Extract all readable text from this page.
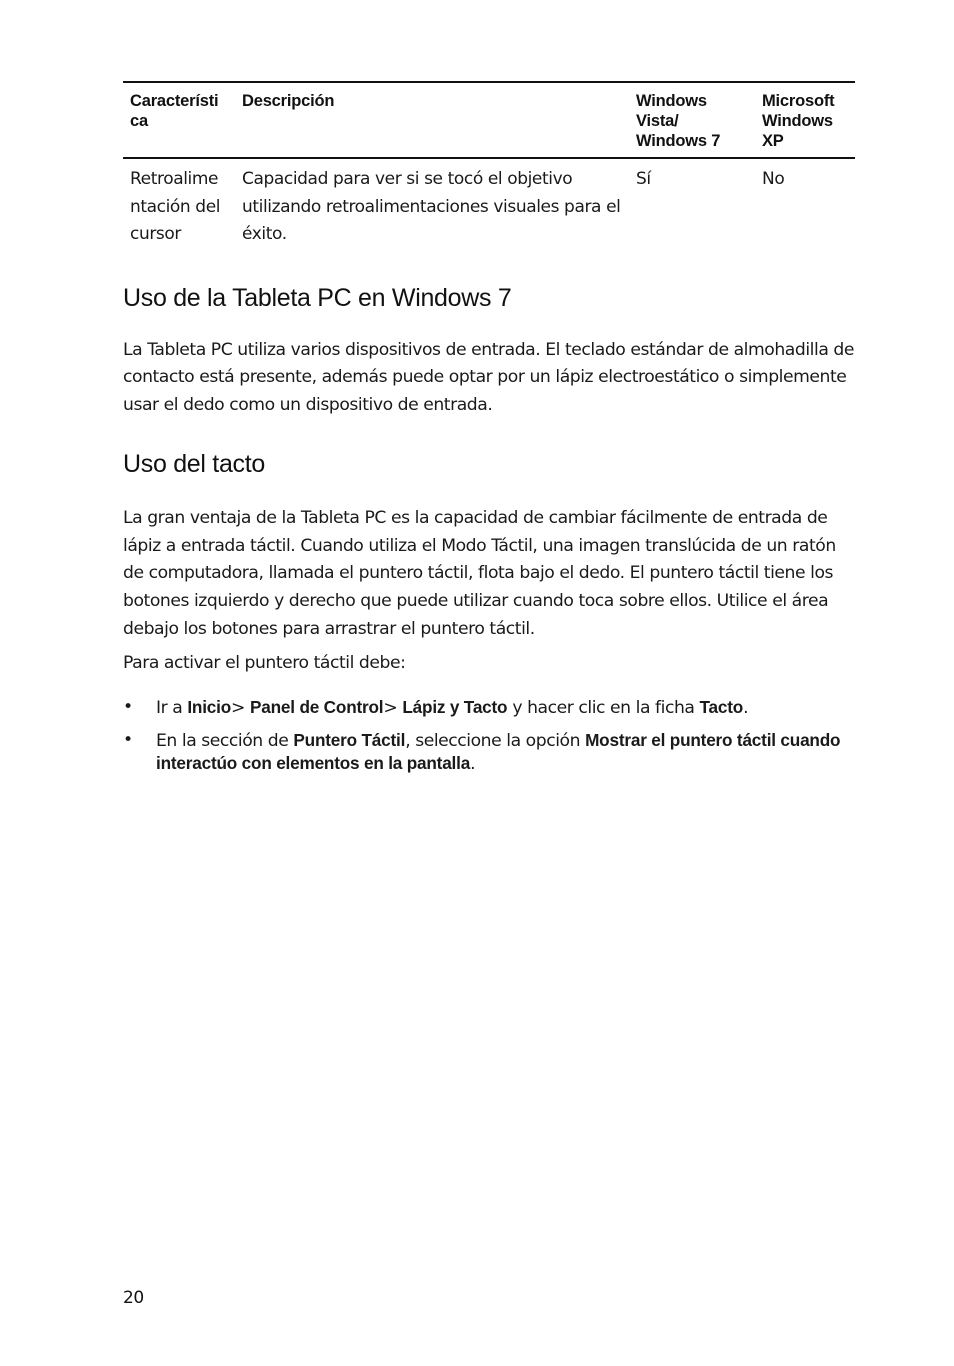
Característi ca	Descripción	Windows Vista/ Windows 7	Microsoft Windows XP
Retroalime ntación del cursor	Capacidad para ver si se tocó el objetivo utilizando retroalimentaciones visuales para el éxito.	Sí	No
Uso de la Tableta PC en Windows 7

La Tableta PC utiliza varios dispositivos de entrada. El teclado estándar de almohadilla de contacto está presente, además puede optar por un lápiz electroestático o simplemente usar el dedo como un dispositivo de entrada.

Uso del tacto

La gran ventaja de la Tableta PC es la capacidad de cambiar fácilmente de entrada de lápiz a entrada táctil. Cuando utiliza el Modo Táctil, una imagen translúcida de un ratón de computadora, llamada el puntero táctil, flota bajo el dedo. El puntero táctil tiene los botones izquierdo y derecho que puede utilizar cuando toca sobre ellos. Utilice el área debajo los botones para arrastrar el puntero táctil.

Para activar el puntero táctil debe:

• Ir a Inicio> Panel de Control> Lápiz y Tacto y hacer clic en la ficha Tacto.
• En la sección de Puntero Táctil, seleccione la opción Mostrar el puntero táctil cuando interactúo con elementos en la pantalla.
20
